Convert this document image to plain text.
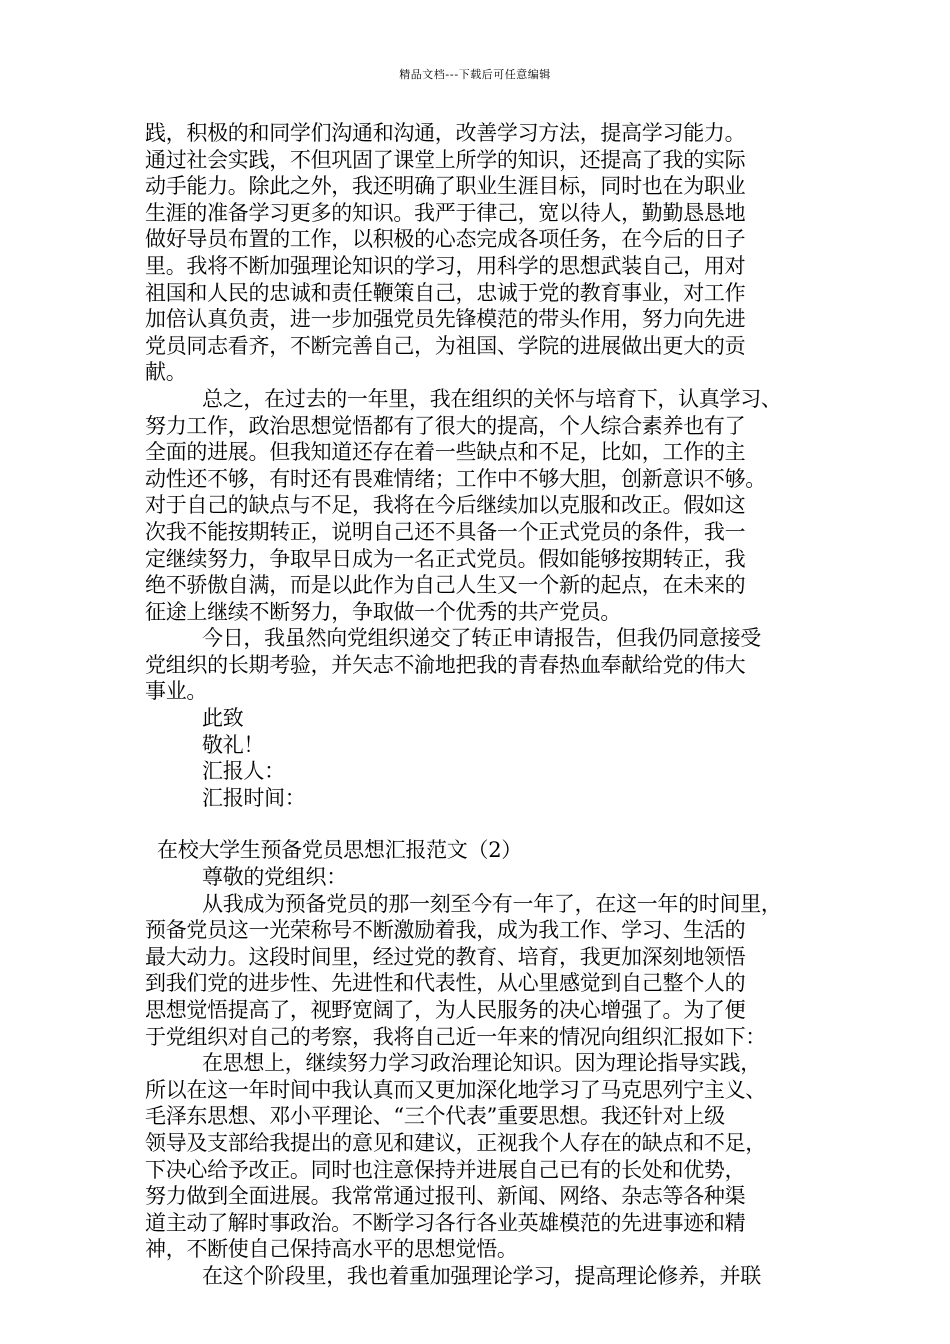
精品文档---下载后可任意编辑
践，积极的和同学们沟通和沟通，改善学习方法，提高学习能力。
通过社会实践，不但巩固了课堂上所学的知识，还提高了我的实际
动手能力。除此之外，我还明确了职业生涯目标，同时也在为职业
生涯的准备学习更多的知识。我严于律己，宽以待人，勤勤恳恳地
做好导员布置的工作，以积极的心态完成各项任务，在今后的日子
里。我将不断加强理论知识的学习，用科学的思想武装自己，用对
祖国和人民的忠诚和责任鞭策自己，忠诚于党的教育事业，对工作
加倍认真负责，进一步加强党员先锋模范的带头作用，努力向先进
党员同志看齐，不断完善自己，为祖国、学院的进展做出更大的贡
献。
总之，在过去的一年里，我在组织的关怀与培育下，认真学习、
努力工作，政治思想觉悟都有了很大的提高，个人综合素养也有了
全面的进展。但我知道还存在着一些缺点和不足，比如，工作的主
动性还不够，有时还有畏难情绪；工作中不够大胆，创新意识不够。
对于自己的缺点与不足，我将在今后继续加以克服和改正。假如这
次我不能按期转正，说明自己还不具备一个正式党员的条件，我一
定继续努力，争取早日成为一名正式党员。假如能够按期转正，我
绝不骄傲自满，而是以此作为自己人生又一个新的起点，在未来的
征途上继续不断努力，争取做一个优秀的共产党员。
今日，我虽然向党组织递交了转正申请报告，但我仍同意接受
党组织的长期考验，并矢志不渝地把我的青春热血奉献给党的伟大
事业。
此致
敬礼！
汇报人：
汇报时间：
在校大学生预备党员思想汇报范文（2）
尊敬的党组织：
从我成为预备党员的那一刻至今有一年了，在这一年的时间里，
预备党员这一光荣称号不断激励着我，成为我工作、学习、生活的
最大动力。这段时间里，经过党的教育、培育，我更加深刻地领悟
到我们党的进步性、先进性和代表性，从心里感觉到自己整个人的
思想觉悟提高了，视野宽阔了，为人民服务的决心增强了。为了便
于党组织对自己的考察，我将自己近一年来的情况向组织汇报如下：
在思想上，继续努力学习政治理论知识。因为理论指导实践，
所以在这一年时间中我认真而又更加深化地学习了马克思列宁主义、
毛泽东思想、邓小平理论、“三个代表”重要思想。我还针对上级
领导及支部给我提出的意见和建议，正视我个人存在的缺点和不足，
下决心给予改正。同时也注意保持并进展自己已有的长处和优势，
努力做到全面进展。我常常通过报刊、新闻、网络、杂志等各种渠
道主动了解时事政治。不断学习各行各业英雄模范的先进事迹和精
神，不断使自己保持高水平的思想觉悟。
在这个阶段里，我也着重加强理论学习，提高理论修养，并联
